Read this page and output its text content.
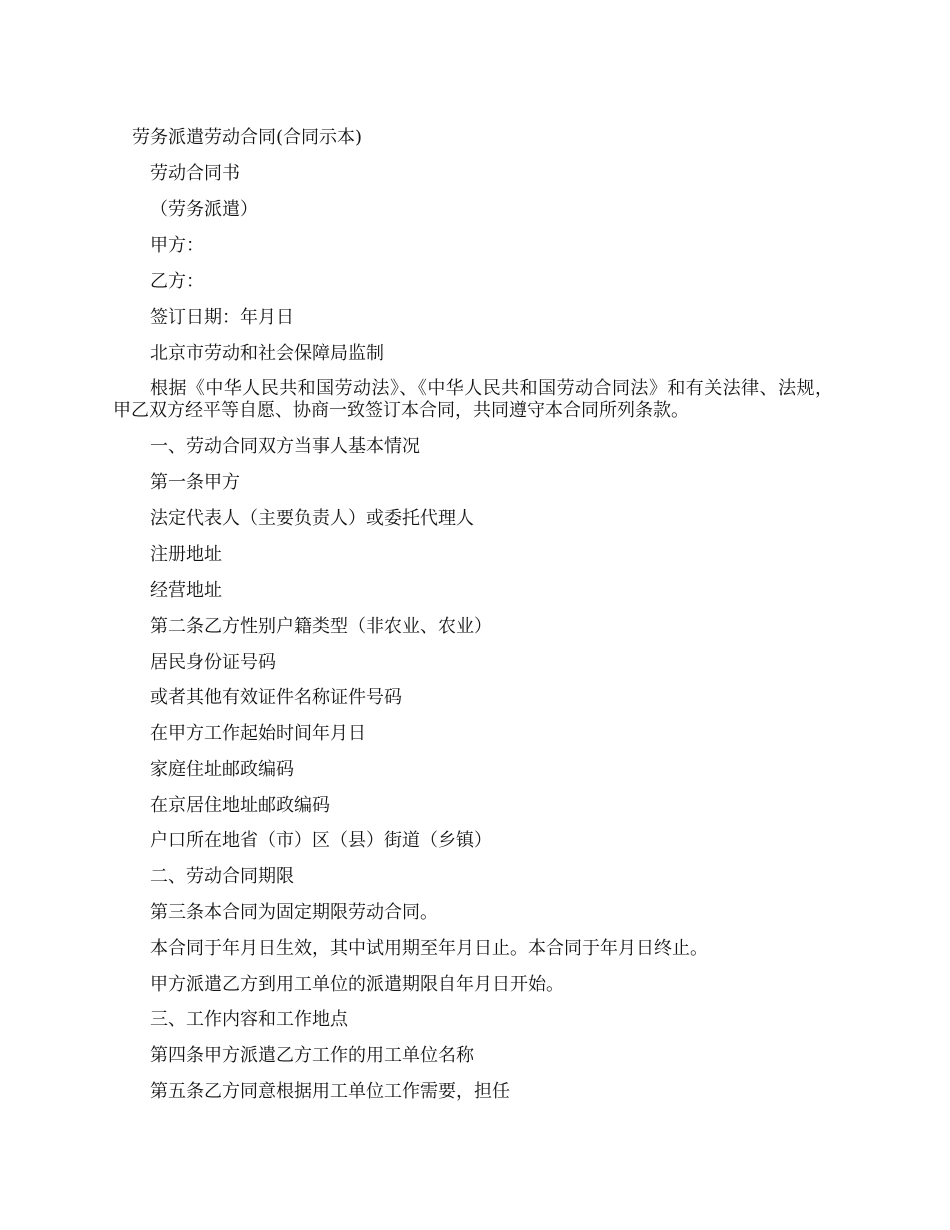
劳务派遣劳动合同(合同示本)
劳动合同书
（劳务派遣）
甲方：
乙方：
签订日期：年月日
北京市劳动和社会保障局监制
根据《中华人民共和国劳动法》、《中华人民共和国劳动合同法》和有关法律、法规，甲乙双方经平等自愿、协商一致签订本合同，共同遵守本合同所列条款。
一、劳动合同双方当事人基本情况
第一条甲方
法定代表人（主要负责人）或委托代理人
注册地址
经营地址
第二条乙方性别户籍类型（非农业、农业）
居民身份证号码
或者其他有效证件名称证件号码
在甲方工作起始时间年月日
家庭住址邮政编码
在京居住地址邮政编码
户口所在地省（市）区（县）街道（乡镇）
二、劳动合同期限
第三条本合同为固定期限劳动合同。
本合同于年月日生效，其中试用期至年月日止。本合同于年月日终止。
甲方派遣乙方到用工单位的派遣期限自年月日开始。
三、工作内容和工作地点
第四条甲方派遣乙方工作的用工单位名称
第五条乙方同意根据用工单位工作需要，担任
